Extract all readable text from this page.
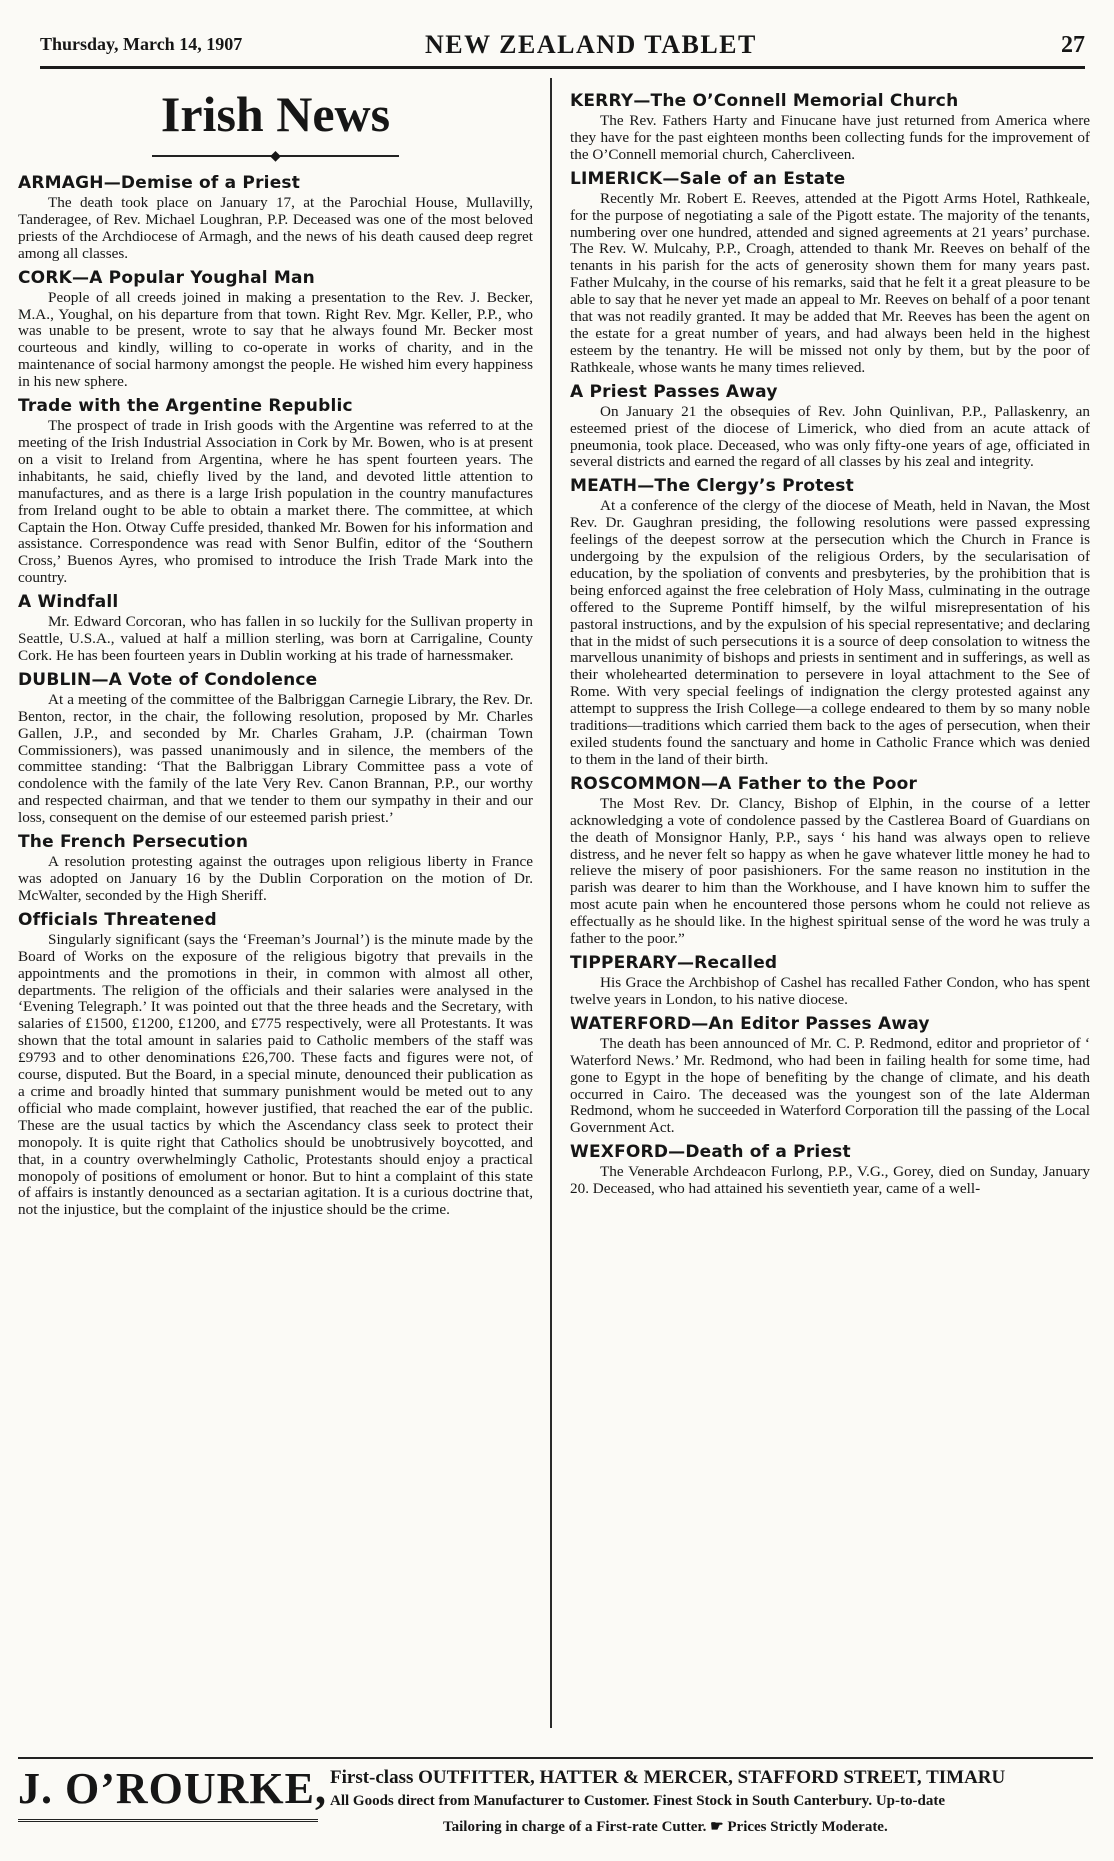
Thursday, March 14, 1907	NEW ZEALAND TABLET	27
Irish News
◆
ARMAGH—Demise of a Priest

The death took place on January 17, at the Parochial House, Mullavilly, Tanderagee, of Rev. Michael Loughran, P.P. Deceased was one of the most beloved priests of the Archdiocese of Armagh, and the news of his death caused deep regret among all classes.

CORK—A Popular Youghal Man

People of all creeds joined in making a presentation to the Rev. J. Becker, M.A., Youghal, on his departure from that town. Right Rev. Mgr. Keller, P.P., who was unable to be present, wrote to say that he always found Mr. Becker most courteous and kindly, willing to co-operate in works of charity, and in the maintenance of social harmony amongst the people. He wished him every happiness in his new sphere.

Trade with the Argentine Republic

The prospect of trade in Irish goods with the Argentine was referred to at the meeting of the Irish Industrial Association in Cork by Mr. Bowen, who is at present on a visit to Ireland from Argentina, where he has spent fourteen years. The inhabitants, he said, chiefly lived by the land, and devoted little attention to manufactures, and as there is a large Irish population in the country manufactures from Ireland ought to be able to obtain a market there. The committee, at which Captain the Hon. Otway Cuffe presided, thanked Mr. Bowen for his information and assistance. Correspondence was read with Senor Bulfin, editor of the ‘Southern Cross,’ Buenos Ayres, who promised to introduce the Irish Trade Mark into the country.

A Windfall

Mr. Edward Corcoran, who has fallen in so luckily for the Sullivan property in Seattle, U.S.A., valued at half a million sterling, was born at Carrigaline, County Cork. He has been fourteen years in Dublin working at his trade of harnessmaker.

DUBLIN—A Vote of Condolence

At a meeting of the committee of the Balbriggan Carnegie Library, the Rev. Dr. Benton, rector, in the chair, the following resolution, proposed by Mr. Charles Gallen, J.P., and seconded by Mr. Charles Graham, J.P. (chairman Town Commissioners), was passed unanimously and in silence, the members of the committee standing: ‘That the Balbriggan Library Committee pass a vote of condolence with the family of the late Very Rev. Canon Brannan, P.P., our worthy and respected chairman, and that we tender to them our sympathy in their and our loss, consequent on the demise of our esteemed parish priest.’

The French Persecution

A resolution protesting against the outrages upon religious liberty in France was adopted on January 16 by the Dublin Corporation on the motion of Dr. McWalter, seconded by the High Sheriff.

Officials Threatened

Singularly significant (says the ‘Freeman’s Journal’) is the minute made by the Board of Works on the exposure of the religious bigotry that prevails in the appointments and the promotions in their, in common with almost all other, departments. The religion of the officials and their salaries were analysed in the ‘Evening Telegraph.’ It was pointed out that the three heads and the Secretary, with salaries of £1500, £1200, £1200, and £775 respectively, were all Protestants. It was shown that the total amount in salaries paid to Catholic members of the staff was £9793 and to other denominations £26,700. These facts and figures were not, of course, disputed. But the Board, in a special minute, denounced their publication as a crime and broadly hinted that summary punishment would be meted out to any official who made complaint, however justified, that reached the ear of the public. These are the usual tactics by which the Ascendancy class seek to protect their monopoly. It is quite right that Catholics should be unobtrusively boycotted, and that, in a country overwhelmingly Catholic, Protestants should enjoy a practical monopoly of positions of emolument or honor. But to hint a complaint of this state of affairs is instantly denounced as a sectarian agitation. It is a curious doctrine that, not the injustice, but the complaint of the injustice should be the crime.

KERRY—The O’Connell Memorial Church

The Rev. Fathers Harty and Finucane have just returned from America where they have for the past eighteen months been collecting funds for the improvement of the O’Connell memorial church, Cahercliveen.

LIMERICK—Sale of an Estate

Recently Mr. Robert E. Reeves, attended at the Pigott Arms Hotel, Rathkeale, for the purpose of negotiating a sale of the Pigott estate. The majority of the tenants, numbering over one hundred, attended and signed agreements at 21 years’ purchase. The Rev. W. Mulcahy, P.P., Croagh, attended to thank Mr. Reeves on behalf of the tenants in his parish for the acts of generosity shown them for many years past. Father Mulcahy, in the course of his remarks, said that he felt it a great pleasure to be able to say that he never yet made an appeal to Mr. Reeves on behalf of a poor tenant that was not readily granted. It may be added that Mr. Reeves has been the agent on the estate for a great number of years, and had always been held in the highest esteem by the tenantry. He will be missed not only by them, but by the poor of Rathkeale, whose wants he many times relieved.

A Priest Passes Away

On January 21 the obsequies of Rev. John Quinlivan, P.P., Pallaskenry, an esteemed priest of the diocese of Limerick, who died from an acute attack of pneumonia, took place. Deceased, who was only fifty-one years of age, officiated in several districts and earned the regard of all classes by his zeal and integrity.

MEATH—The Clergy’s Protest

At a conference of the clergy of the diocese of Meath, held in Navan, the Most Rev. Dr. Gaughran presiding, the following resolutions were passed expressing feelings of the deepest sorrow at the persecution which the Church in France is undergoing by the expulsion of the religious Orders, by the secularisation of education, by the spoliation of convents and presbyteries, by the prohibition that is being enforced against the free celebration of Holy Mass, culminating in the outrage offered to the Supreme Pontiff himself, by the wilful misrepresentation of his pastoral instructions, and by the expulsion of his special representative; and declaring that in the midst of such persecutions it is a source of deep consolation to witness the marvellous unanimity of bishops and priests in sentiment and in sufferings, as well as their wholehearted determination to persevere in loyal attachment to the See of Rome. With very special feelings of indignation the clergy protested against any attempt to suppress the Irish College—a college endeared to them by so many noble traditions—traditions which carried them back to the ages of persecution, when their exiled students found the sanctuary and home in Catholic France which was denied to them in the land of their birth.

ROSCOMMON—A Father to the Poor

The Most Rev. Dr. Clancy, Bishop of Elphin, in the course of a letter acknowledging a vote of condolence passed by the Castlerea Board of Guardians on the death of Monsignor Hanly, P.P., says ‘ his hand was always open to relieve distress, and he never felt so happy as when he gave whatever little money he had to relieve the misery of poor pasishioners. For the same reason no institution in the parish was dearer to him than the Workhouse, and I have known him to suffer the most acute pain when he encountered those persons whom he could not relieve as effectually as he should like. In the highest spiritual sense of the word he was truly a father to the poor.”

TIPPERARY—Recalled

His Grace the Archbishop of Cashel has recalled Father Condon, who has spent twelve years in London, to his native diocese.

WATERFORD—An Editor Passes Away

The death has been announced of Mr. C. P. Redmond, editor and proprietor of ‘ Waterford News.’ Mr. Redmond, who had been in failing health for some time, had gone to Egypt in the hope of benefiting by the change of climate, and his death occurred in Cairo. The deceased was the youngest son of the late Alderman Redmond, whom he succeeded in Waterford Corporation till the passing of the Local Government Act.

WEXFORD—Death of a Priest

The Venerable Archdeacon Furlong, P.P., V.G., Gorey, died on Sunday, January 20. Deceased, who had attained his seventieth year, came of a well-

J. O’ROURKE, First-class OUTFITTER, HATTER & MERCER, STAFFORD STREET, TIMARU
All Goods direct from Manufacturer to Customer. Finest Stock in South Canterbury. Up-to-date
Tailoring in charge of a First-rate Cutter. ☛ Prices Strictly Moderate.
